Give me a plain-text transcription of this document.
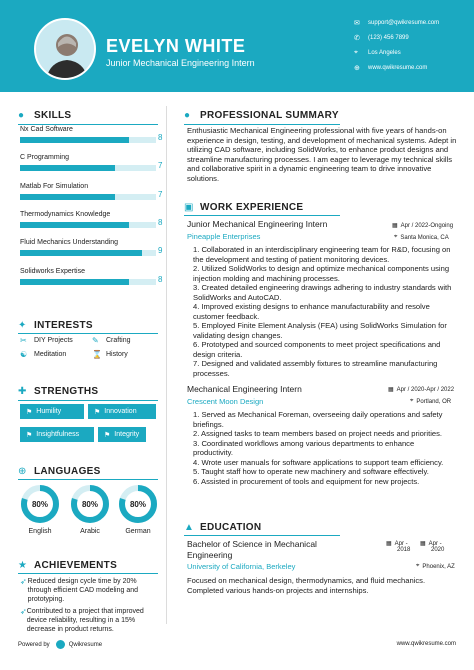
EVELYN WHITE
Junior Mechanical Engineering Intern
✉	support@qwikresume.com
✆	(123) 456 7899
⌖	Los Angeles
⊕	www.qwikresume.com
● SKILLS
Nx Cad Software
8
C Programming
7
Matlab For Simulation
7
Thermodynamics Knowledge
8
Fluid Mechanics Understanding
9
Solidworks Expertise
8
✦ INTERESTS
✂	DIY Projects ✎	Crafting
☯ Meditation	⌛ History
✚ STRENGTHS
⚑ Humility	⚑ Innovation
⚑ Insightfulness	⚑ Integrity
⊕ LANGUAGES
80%
English
80%
Arabic
80%
German
★ ACHIEVEMENTS
➶ Reduced design cycle time by 20% through efficient CAD modeling and prototyping.
➶ Contributed to a project that improved device reliability, resulting in a 15% decrease in product returns.
● PROFESSIONAL SUMMARY
Enthusiastic Mechanical Engineering professional with five years of hands-on experience in design, testing, and development of mechanical systems. Adept in utilizing CAD software, including SolidWorks, to enhance product designs and streamline manufacturing processes. I am eager to leverage my technical skills and collaborative spirit in a dynamic engineering team to drive innovative solutions.
▣ WORK EXPERIENCE
Junior Mechanical Engineering Intern	▦ Apr / 2022-Ongoing
Pineapple Enterprises	⌖ Santa Monica, CA
1. Collaborated in an interdisciplinary engineering team for R&D, focusing on the development and testing of patient monitoring devices.
2. Utilized SolidWorks to design and optimize mechanical components using injection molding and machining processes.
3. Created detailed engineering drawings adhering to industry standards with SolidWorks and AutoCAD.
4. Improved existing designs to enhance manufacturability and resolve customer feedback.
5. Employed Finite Element Analysis (FEA) using SolidWorks Simulation for validating design changes.
6. Prototyped and sourced components to meet project specifications and design criteria.
7. Designed and validated assembly fixtures to streamline manufacturing processes.
Mechanical Engineering Intern	▦ Apr / 2020-Apr / 2022
Crescent Moon Design	⌖ Portland, OR
1. Served as Mechanical Foreman, overseeing daily operations and safety briefings.
2. Assigned tasks to team members based on project needs and priorities.
3. Coordinated workflows among various departments to enhance productivity.
4. Wrote user manuals for software applications to support team efficiency.
5. Taught staff how to operate new machinery and software effectively.
6. Assisted in procurement of tools and equipment for new projects.
▲ EDUCATION
Bachelor of Science in Mechanical
Engineering
▦ Apr -
2018
▦ Apr -
2020
University of California, Berkeley	⌖ Phoenix, AZ
Focused on mechanical design, thermodynamics, and fluid mechanics. Completed various hands-on projects and internships.
Powered by	Qwikresume	www.qwikresume.com
